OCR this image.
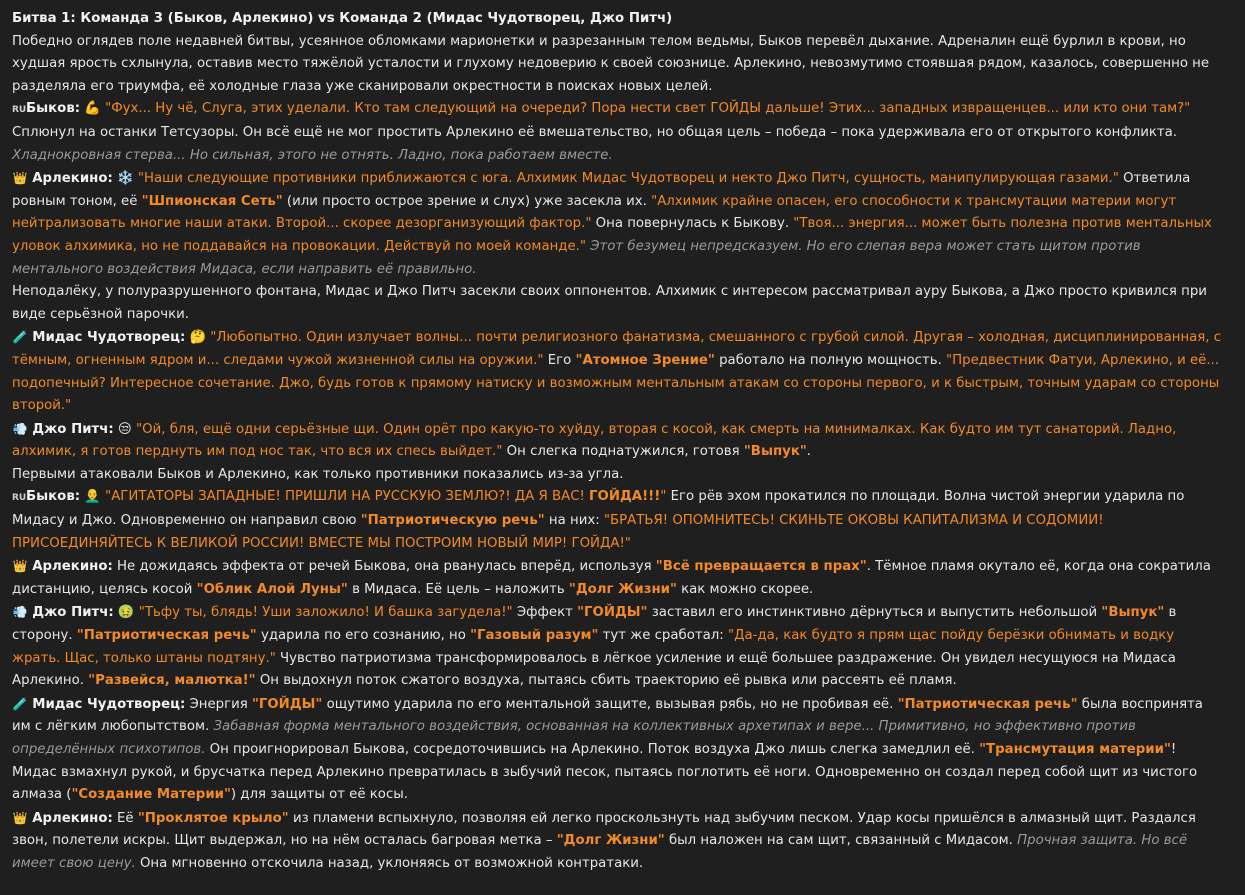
Битва 1: Команда 3 (Быков, Арлекино) vs Команда 2 (Мидас Чудотворец, Джо Питч)
Победно оглядев поле недавней битвы, усеянное обломками марионетки и разрезанным телом ведьмы, Быков перевёл дыхание. Адреналин ещё бурлил в крови, но худшая ярость схлынула, оставив место тяжёлой усталости и глухому недоверию к своей союзнице. Арлекино, невозмутимо стоявшая рядом, казалось, совершенно не разделяла его триумфа, её холодные глаза уже сканировали окрестности в поисках новых целей.
RUБыков: 💪 "Фух... Ну чё, Слуга, этих уделали. Кто там следующий на очереди? Пора нести свет ГОЙДЫ дальше! Этих... западных извращенцев... или кто они там?" Сплюнул на останки Тетсузоры. Он всё ещё не мог простить Арлекино её вмешательство, но общая цель – победа – пока удерживала его от открытого конфликта. Хладнокровная стерва... Но сильная, этого не отнять. Ладно, пока работаем вместе.
👑 Арлекино: ❄️ "Наши следующие противники приближаются с юга. Алхимик Мидас Чудотворец и некто Джо Питч, сущность, манипулирующая газами." Ответила ровным тоном, её "Шпионская Сеть" (или просто острое зрение и слух) уже засекла их. "Алхимик крайне опасен, его способности к трансмутации материи могут нейтрализовать многие наши атаки. Второй... скорее дезорганизующий фактор." Она повернулась к Быкову. "Твоя... энергия... может быть полезна против ментальных уловок алхимика, но не поддавайся на провокации. Действуй по моей команде." Этот безумец непредсказуем. Но его слепая вера может стать щитом против ментального воздействия Мидаса, если направить её правильно.
Неподалёку, у полуразрушенного фонтана, Мидас и Джо Питч засекли своих оппонентов. Алхимик с интересом рассматривал ауру Быкова, а Джо просто кривился при виде серьёзной парочки.
🧪 Мидас Чудотворец: 🤔 "Любопытно. Один излучает волны... почти религиозного фанатизма, смешанного с грубой силой. Другая – холодная, дисциплинированная, с тёмным, огненным ядром и... следами чужой жизненной силы на оружии." Его "Атомное Зрение" работало на полную мощность. "Предвестник Фатуи, Арлекино, и её... подопечный? Интересное сочетание. Джо, будь готов к прямому натиску и возможным ментальным атакам со стороны первого, и к быстрым, точным ударам со стороны второй."
💨 Джо Питч: 😒 "Ой, бля, ещё одни серьёзные щи. Один орёт про какую-то хуйду, вторая с косой, как смерть на минималках. Как будто им тут санаторий. Ладно, алхимик, я готов перднуть им под нос так, что вся их спесь выйдет." Он слегка поднатужился, готовя "Выпук".
Первыми атаковали Быков и Арлекино, как только противники показались из-за угла.
RUБыков: 👨‍🦲 "АГИТАТОРЫ ЗАПАДНЫЕ! ПРИШЛИ НА РУССКУЮ ЗЕМЛЮ?! ДА Я ВАС! ГОЙДА!!!" Его рёв эхом прокатился по площади. Волна чистой энергии ударила по Мидасу и Джо. Одновременно он направил свою "Патриотическую речь" на них: "БРАТЬЯ! ОПОМНИТЕСЬ! СКИНЬТЕ ОКОВЫ КАПИТАЛИЗМА И СОДОМИИ! ПРИСОЕДИНЯЙТЕСЬ К ВЕЛИКОЙ РОССИИ! ВМЕСТЕ МЫ ПОСТРОИМ НОВЫЙ МИР! ГОЙДА!"
👑 Арлекино: Не дожидаясь эффекта от речей Быкова, она рванулась вперёд, используя "Всё превращается в прах". Тёмное пламя окутало её, когда она сократила дистанцию, целясь косой "Облик Алой Луны" в Мидаса. Её цель – наложить "Долг Жизни" как можно скорее.
💨 Джо Питч: 🤢 "Тьфу ты, блядь! Уши заложило! И башка загудела!" Эффект "ГОЙДЫ" заставил его инстинктивно дёрнуться и выпустить небольшой "Выпук" в сторону. "Патриотическая речь" ударила по его сознанию, но "Газовый разум" тут же сработал: "Да-да, как будто я прям щас пойду берёзки обнимать и водку жрать. Щас, только штаны подтяну." Чувство патриотизма трансформировалось в лёгкое усиление и ещё большее раздражение. Он увидел несущуюся на Мидаса Арлекино. "Развейся, малютка!" Он выдохнул поток сжатого воздуха, пытаясь сбить траекторию её рывка или рассеять её пламя.
🧪 Мидас Чудотворец: Энергия "ГОЙДЫ" ощутимо ударила по его ментальной защите, вызывая рябь, но не пробивая её. "Патриотическая речь" была воспринята им с лёгким любопытством. Забавная форма ментального воздействия, основанная на коллективных архетипах и вере... Примитивно, но эффективно против определённых психотипов. Он проигнорировал Быкова, сосредоточившись на Арлекино. Поток воздуха Джо лишь слегка замедлил её. "Трансмутация материи"! Мидас взмахнул рукой, и брусчатка перед Арлекино превратилась в зыбучий песок, пытаясь поглотить её ноги. Одновременно он создал перед собой щит из чистого алмаза ("Создание Материи") для защиты от её косы.
👑 Арлекино: Её "Проклятое крыло" из пламени вспыхнуло, позволяя ей легко проскользнуть над зыбучим песком. Удар косы пришёлся в алмазный щит. Раздался звон, полетели искры. Щит выдержал, но на нём осталась багровая метка – "Долг Жизни" был наложен на сам щит, связанный с Мидасом. Прочная защита. Но всё имеет свою цену. Она мгновенно отскочила назад, уклоняясь от возможной контратаки.
